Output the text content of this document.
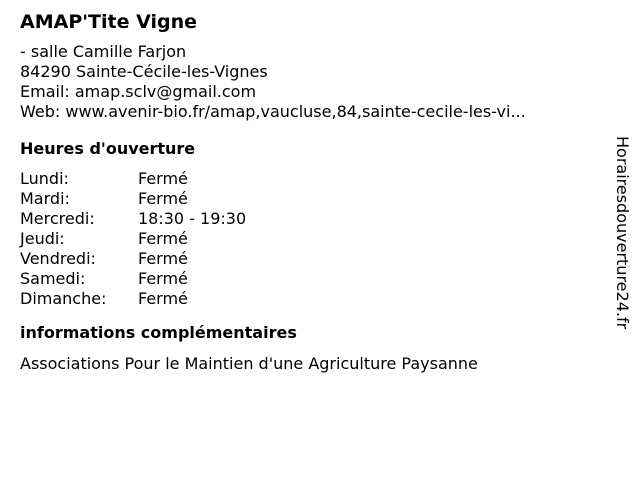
AMAP'Tite Vigne
- salle Camille Farjon
84290 Sainte-Cécile-les-Vignes
Email: amap.sclv@gmail.com
Web: www.avenir-bio.fr/amap,vaucluse,84,sainte-cecile-les-vi...
Heures d'ouverture
Lundi:	Fermé
Mardi:	Fermé
Mercredi:	18:30 - 19:30
Jeudi:	Fermé
Vendredi:	Fermé
Samedi:	Fermé
Dimanche:	Fermé
informations complémentaires
Associations Pour le Maintien d'une Agriculture Paysanne
Horairesdouverture24.fr
